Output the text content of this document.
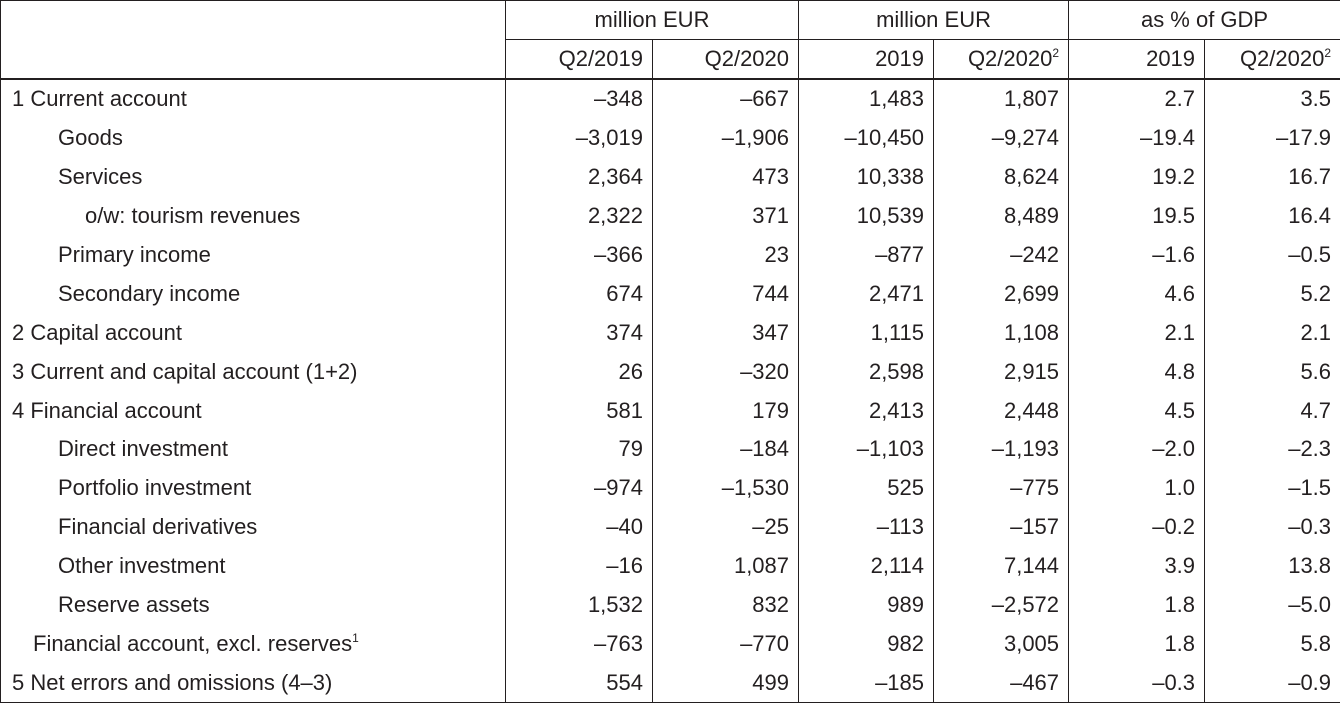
	million EUR		million EUR		as % of GDP	
	Q2/2019	Q2/2020	2019	Q2/2020$^2$	2019	Q2/2020$^2$
1 Current account	–348	–667	1,483	1,807	2.7	3.5
Goods	–3,019	–1,906	–10,450	–9,274	–19.4	–17.9
Services	2,364	473	10,338	8,624	19.2	16.7
o/w: tourism revenues	2,322	371	10,539	8,489	19.5	16.4
Primary income	–366	23	–877	–242	–1.6	–0.5
Secondary income	674	744	2,471	2,699	4.6	5.2
2 Capital account	374	347	1,115	1,108	2.1	2.1
3 Current and capital account (1+2)	26	–320	2,598	2,915	4.8	5.6
4 Financial account	581	179	2,413	2,448	4.5	4.7
Direct investment	79	–184	–1,103	–1,193	–2.0	–2.3
Portfolio investment	–974	–1,530	525	–775	1.0	–1.5
Financial derivatives	–40	–25	–113	–157	–0.2	–0.3
Other investment	–16	1,087	2,114	7,144	3.9	13.8
Reserve assets	1,532	832	989	–2,572	1.8	–5.0
Financial account, excl. reserves$^1$	–763	–770	982	3,005	1.8	5.8
5 Net errors and omissions (4–3)	554	499	–185	–467	–0.3	–0.9
